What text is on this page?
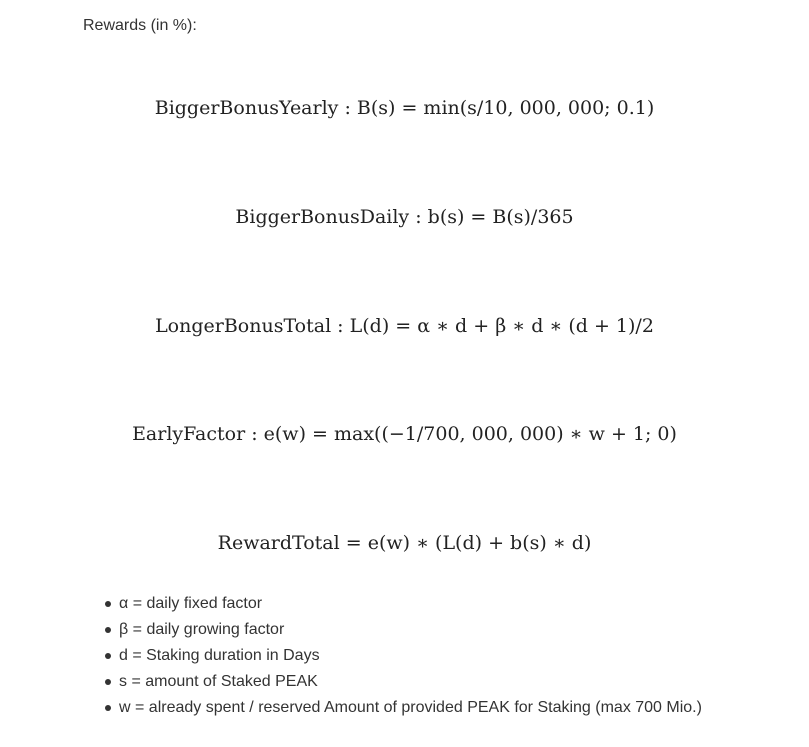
Rewards (in %):
BiggerBonusYearly : B(s) = min(s/10, 000, 000; 0.1)
BiggerBonusDaily : b(s) = B(s)/365
LongerBonusTotal : L(d) = α ∗ d + β ∗ d ∗ (d + 1)/2
EarlyFactor : e(w) = max((−1/700, 000, 000) ∗ w + 1; 0)
RewardTotal = e(w) ∗ (L(d) + b(s) ∗ d)
α = daily fixed factor
β = daily growing factor
d = Staking duration in Days
s = amount of Staked PEAK
w = already spent / reserved Amount of provided PEAK for Staking (max 700 Mio.)
